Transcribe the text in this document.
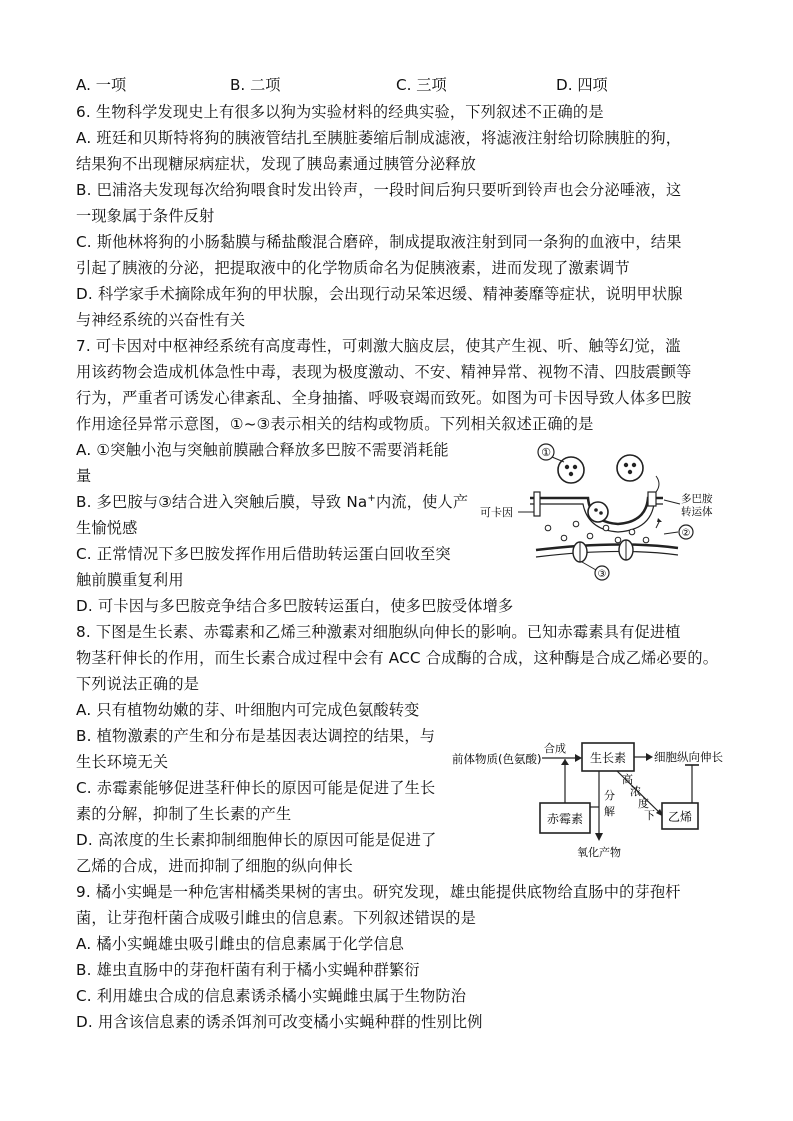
A. 一项	B. 二项	C. 三项	D. 四项
6. 生物科学发现史上有很多以狗为实验材料的经典实验，下列叙述不正确的是
A. 班廷和贝斯特将狗的胰液管结扎至胰脏萎缩后制成滤液，将滤液注射给切除胰脏的狗，
结果狗不出现糖尿病症状，发现了胰岛素通过胰管分泌释放
B. 巴浦洛夫发现每次给狗喂食时发出铃声，一段时间后狗只要听到铃声也会分泌唾液，这
一现象属于条件反射
C. 斯他林将狗的小肠黏膜与稀盐酸混合磨碎，制成提取液注射到同一条狗的血液中，结果
引起了胰液的分泌，把提取液中的化学物质命名为促胰液素，进而发现了激素调节
D. 科学家手术摘除成年狗的甲状腺，会出现行动呆笨迟缓、精神萎靡等症状，说明甲状腺
与神经系统的兴奋性有关
7. 可卡因对中枢神经系统有高度毒性，可刺激大脑皮层，使其产生视、听、触等幻觉，滥
用该药物会造成机体急性中毒，表现为极度激动、不安、精神异常、视物不清、四肢震颤等
行为，严重者可诱发心律紊乱、全身抽搐、呼吸衰竭而致死。如图为可卡因导致人体多巴胺
作用途径异常示意图，①~③表示相关的结构或物质。下列相关叙述正确的是
A. ①突触小泡与突触前膜融合释放多巴胺不需要消耗能
量
B. 多巴胺与③结合进入突触后膜，导致 Na+内流，使人产
生愉悦感
C. 正常情况下多巴胺发挥作用后借助转运蛋白回收至突
触前膜重复利用
D. 可卡因与多巴胺竞争结合多巴胺转运蛋白，使多巴胺受体增多
①
可卡因
多巴胺
转运体
②
③
8. 下图是生长素、赤霉素和乙烯三种激素对细胞纵向伸长的影响。已知赤霉素具有促进植
物茎秆伸长的作用，而生长素合成过程中会有 ACC 合成酶的合成，这种酶是合成乙烯必要的。
下列说法正确的是
A. 只有植物幼嫩的芽、叶细胞内可完成色氨酸转变
B. 植物激素的产生和分布是基因表达调控的结果，与
生长环境无关
C. 赤霉素能够促进茎秆伸长的原因可能是促进了生长
素的分解，抑制了生长素的产生
D. 高浓度的生长素抑制细胞伸长的原因可能是促进了
乙烯的合成，进而抑制了细胞的纵向伸长
前体物质(色氨酸)
合成
生长素 细胞纵向伸长
赤霉素
分
解
氧化产物
高
浓
度
下 乙烯
9. 橘小实蝇是一种危害柑橘类果树的害虫。研究发现，雄虫能提供底物给直肠中的芽孢杆
菌，让芽孢杆菌合成吸引雌虫的信息素。下列叙述错误的是
A. 橘小实蝇雄虫吸引雌虫的信息素属于化学信息
B. 雄虫直肠中的芽孢杆菌有利于橘小实蝇种群繁衍
C. 利用雄虫合成的信息素诱杀橘小实蝇雌虫属于生物防治
D. 用含该信息素的诱杀饵剂可改变橘小实蝇种群的性别比例
